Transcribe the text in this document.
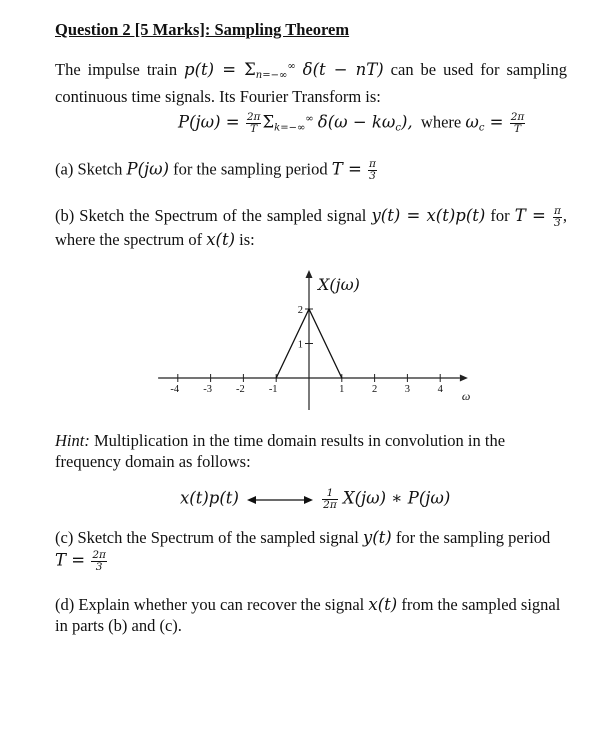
Question 2 [5 Marks]: Sampling Theorem
The impulse train $p(t) = \Sigma_{n=-\infty}^\infty$ δ(t − nT) can be used for sampling
continuous time signals. Its Fourier Transform is:
$P(j\omega) = \frac{2\pi}{T} \Sigma_{k=-\infty}^\infty$ $\delta(\omega - k\omega_c)$, where $\omega_c = \frac{2\pi}{T}$
(a) Sketch P(jω) for the sampling period $T = \frac{\pi}{3}$
(b) Sketch the Spectrum of the sampled signal y(t) = x(t)p(t) for $T = \frac{\pi}{3}$ ,
where the spectrum of x(t) is:
-4 -3 -2 -1	1	2	3	4
1
2
X(jω)
ω
Hint: Multiplication in the time domain results in convolution in the frequency domain as follows:
x(t)p(t)	$\frac{1}{2\pi} X(j\omega)$ ∗ P(jω)
(c) Sketch the Spectrum of the sampled signal y(t) for the sampling period
$T = \frac{2\pi}{3}$
(d) Explain whether you can recover the signal x(t) from the sampled signal
in parts (b) and (c).
